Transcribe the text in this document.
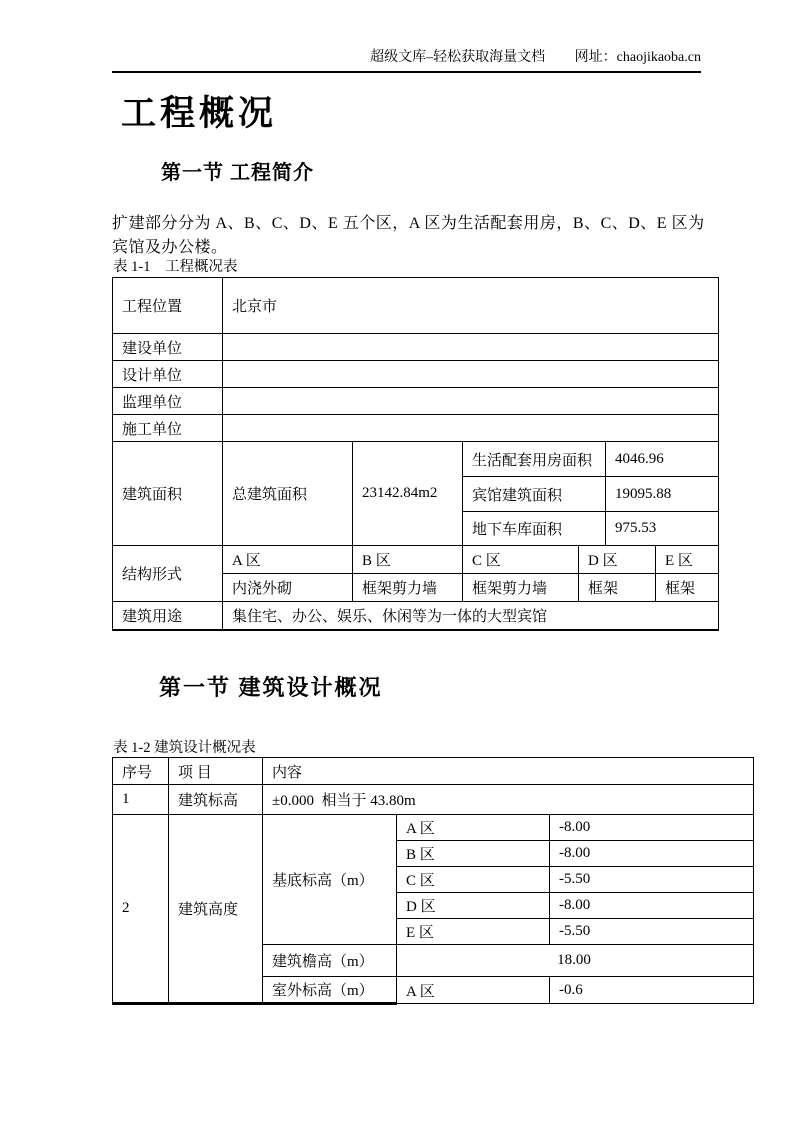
超级文库–轻松获取海量文档 网址：chaojikaoba.cn
工程概况
第一节 工程简介
扩建部分分为 A、B、C、D、E 五个区，A 区为生活配套用房，B、C、D、E 区为宾馆及办公楼。
表 1-1　工程概况表
工程位置	北京市					
建设单位						
设计单位						
监理单位						
施工单位						
建筑面积	总建筑面积	23142.84m2	生活配套用房面积		4046.96	
			宾馆建筑面积		19095.88	
			地下车库面积		975.53	
结构形式	A 区	B 区	C 区	D 区		E 区
	内浇外砌	框架剪力墙	框架剪力墙	框架		框架
建筑用途	集住宅、办公、娱乐、休闲等为一体的大型宾馆					
第一节 建筑设计概况
表 1-2 建筑设计概况表
序号	项 目	内容		
1	建筑标高	±0.000  相当于 43.80m		
2	建筑高度	基底标高（m）	A 区	-8.00
			B 区	-8.00
			C 区	-5.50
			D 区	-8.00
			E 区	-5.50
		建筑檐高（m）	18.00	
		室外标高（m）	A 区	-0.6
